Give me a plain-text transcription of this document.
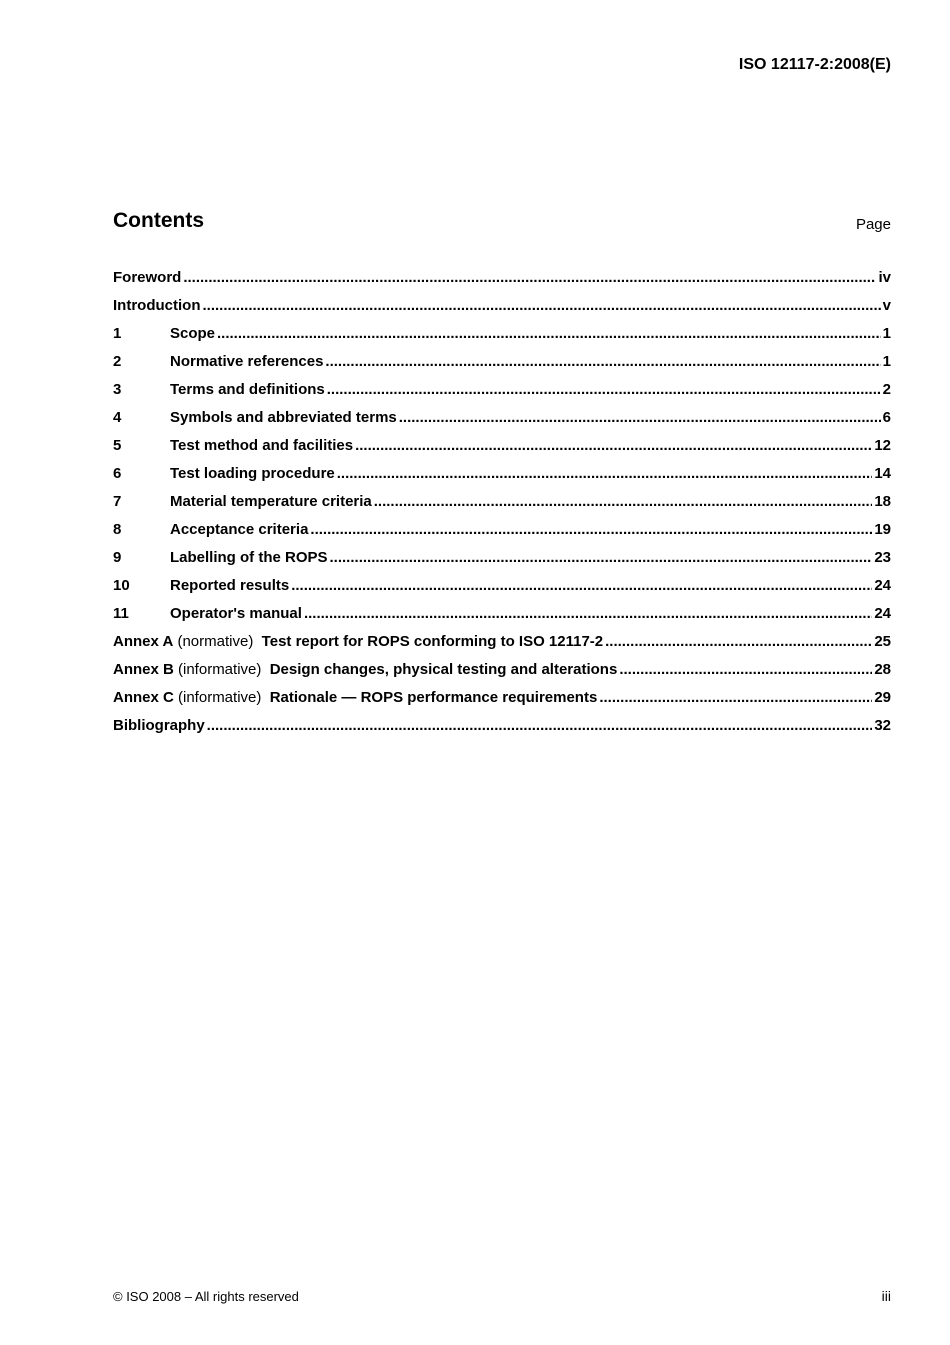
ISO 12117-2:2008(E)
Contents	Page
Foreword .....	iv
Introduction .....	v
1	Scope .....	1
2	Normative references .....	1
3	Terms and definitions .....	2
4	Symbols and abbreviated terms .....	6
5	Test method and facilities .....	12
6	Test loading procedure .....	14
7	Material temperature criteria .....	18
8	Acceptance criteria .....	19
9	Labelling of the ROPS .....	23
10	Reported results .....	24
11	Operator's manual .....	24
Annex A (normative) Test report for ROPS conforming to ISO 12117-2 .....	25
Annex B (informative) Design changes, physical testing and alterations .....	28
Annex C (informative) Rationale — ROPS performance requirements .....	29
Bibliography .....	32
© ISO 2008 – All rights reserved	iii
